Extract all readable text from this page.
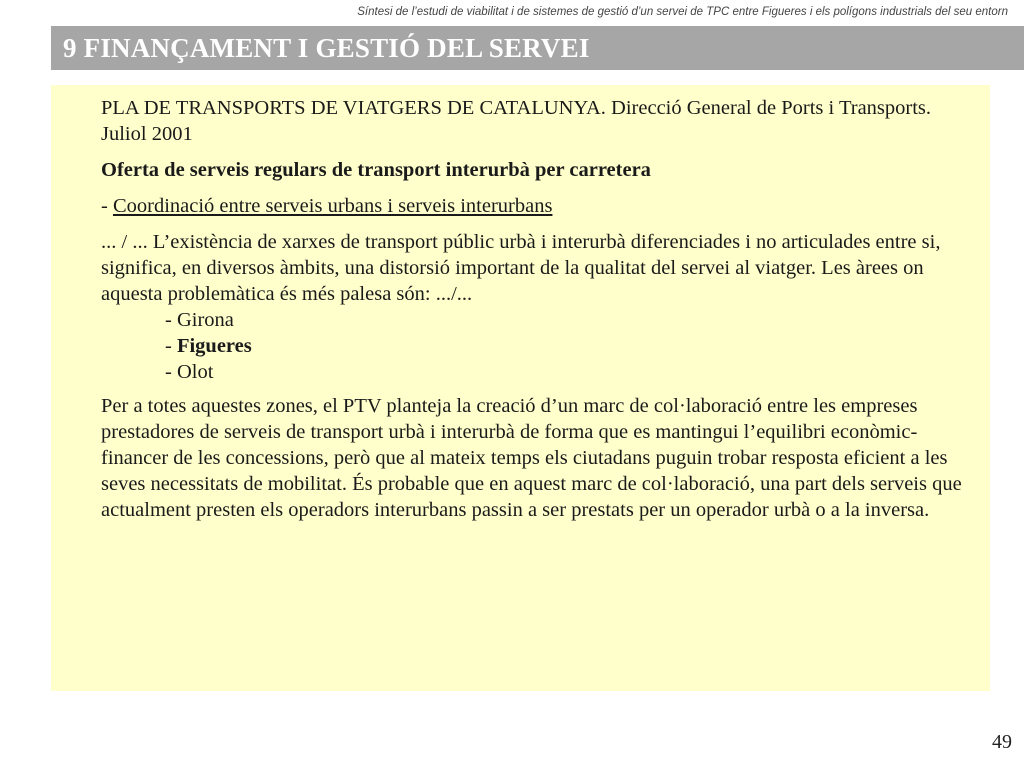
Síntesi de l’estudi de viabilitat i de sistemes de gestió d’un servei de TPC entre Figueres i els polígons industrials del seu entorn
9 FINANÇAMENT I GESTIÓ DEL SERVEI

PLA DE TRANSPORTS DE VIATGERS DE CATALUNYA. Direcció General de Ports i Transports. Juliol 2001

Oferta de serveis regulars de transport interurbà per carretera

- Coordinació entre serveis urbans i serveis interurbans

... / ... L’existència de xarxes de transport públic urbà i interurbà diferenciades i no articulades entre si, significa, en diversos àmbits, una distorsió important de la qualitat del servei al viatger. Les àrees on aquesta problemàtica és més palesa són: .../...

- Girona
- Figueres
- Olot

Per a totes aquestes zones, el PTV planteja la creació d’un marc de col·laboració entre les empreses prestadores de serveis de transport urbà i interurbà de forma que es mantingui l’equilibri econòmic-financer de les concessions, però que al mateix temps els ciutadans puguin trobar resposta eficient a les seves necessitats de mobilitat. És probable que en aquest marc de col·laboració, una part dels serveis que actualment presten els operadors interurbans passin a ser prestats per un operador urbà o a la inversa.

49
